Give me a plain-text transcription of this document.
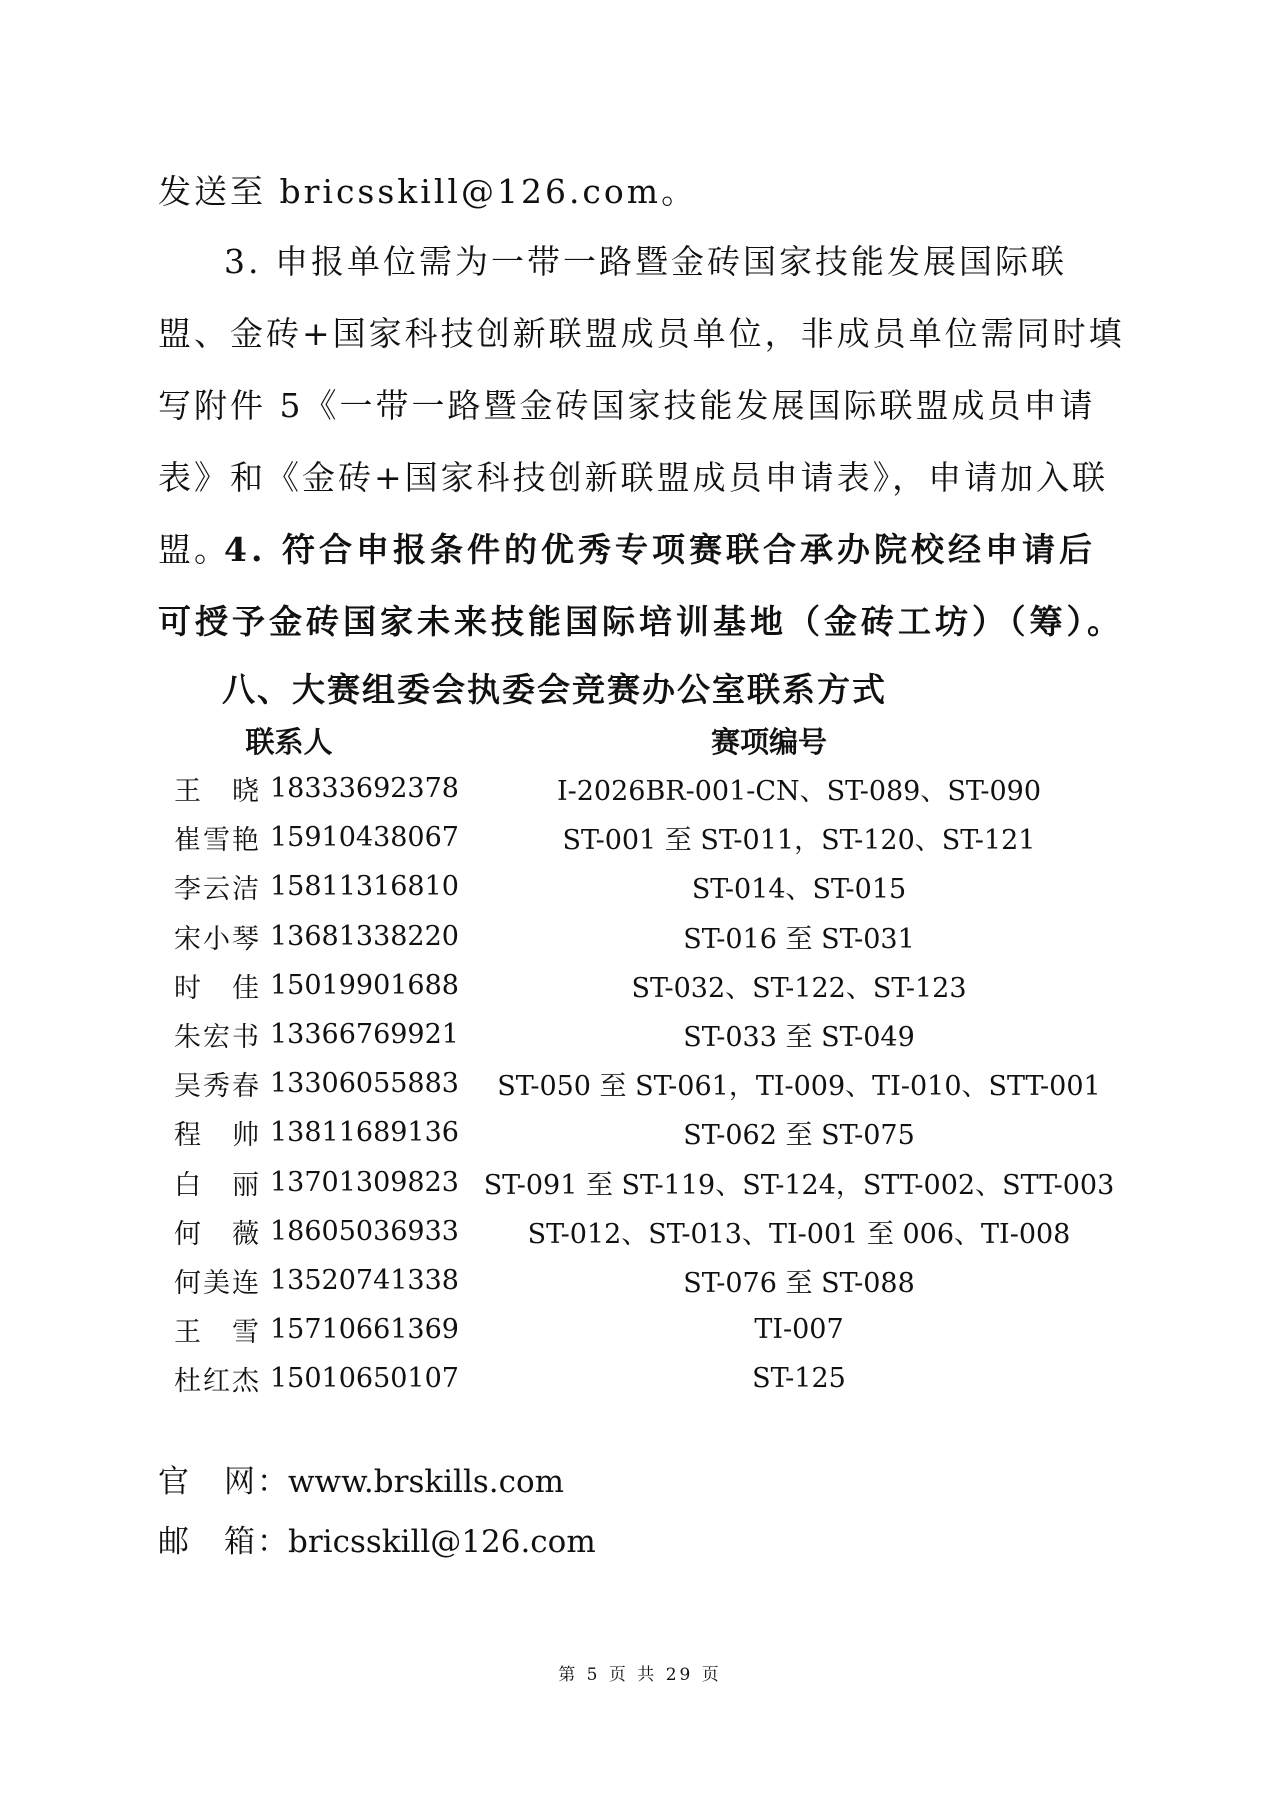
发送至 bricsskill@126.com。

3. 申报单位需为一带一路暨金砖国家技能发展国际联盟、金砖+国家科技创新联盟成员单位，非成员单位需同时填写附件 5《一带一路暨金砖国家技能发展国际联盟成员申请表》和《金砖+国家科技创新联盟成员申请表》，申请加入联盟。

4. 符合申报条件的优秀专项赛联合承办院校经申请后可授予金砖国家未来技能国际培训基地（金砖工坊）（筹）。

八、大赛组委会执委会竞赛办公室联系方式
联系人	赛项编号
王　晓 18333692378	I-2026BR-001-CN、ST-089、ST-090
崔雪艳 15910438067	ST-001 至 ST-011，ST-120、ST-121
李云洁 15811316810	ST-014、ST-015
宋小琴 13681338220	ST-016 至 ST-031
时　佳 15019901688	ST-032、ST-122、ST-123
朱宏书 13366769921	ST-033 至 ST-049
吴秀春 13306055883	ST-050 至 ST-061，TI-009、TI-010、STT-001
程　帅 13811689136	ST-062 至 ST-075
白　丽 13701309823 ST-091 至 ST-119、ST-124，STT-002、STT-003
何　薇 18605036933	ST-012、ST-013、TI-001 至 006、TI-008
何美连 13520741338	ST-076 至 ST-088
王　雪 15710661369	TI-007
杜红杰 15010650107	ST-125

官　网：www.brskills.com

邮　箱：bricsskill@126.com

第 5 页 共 29 页
